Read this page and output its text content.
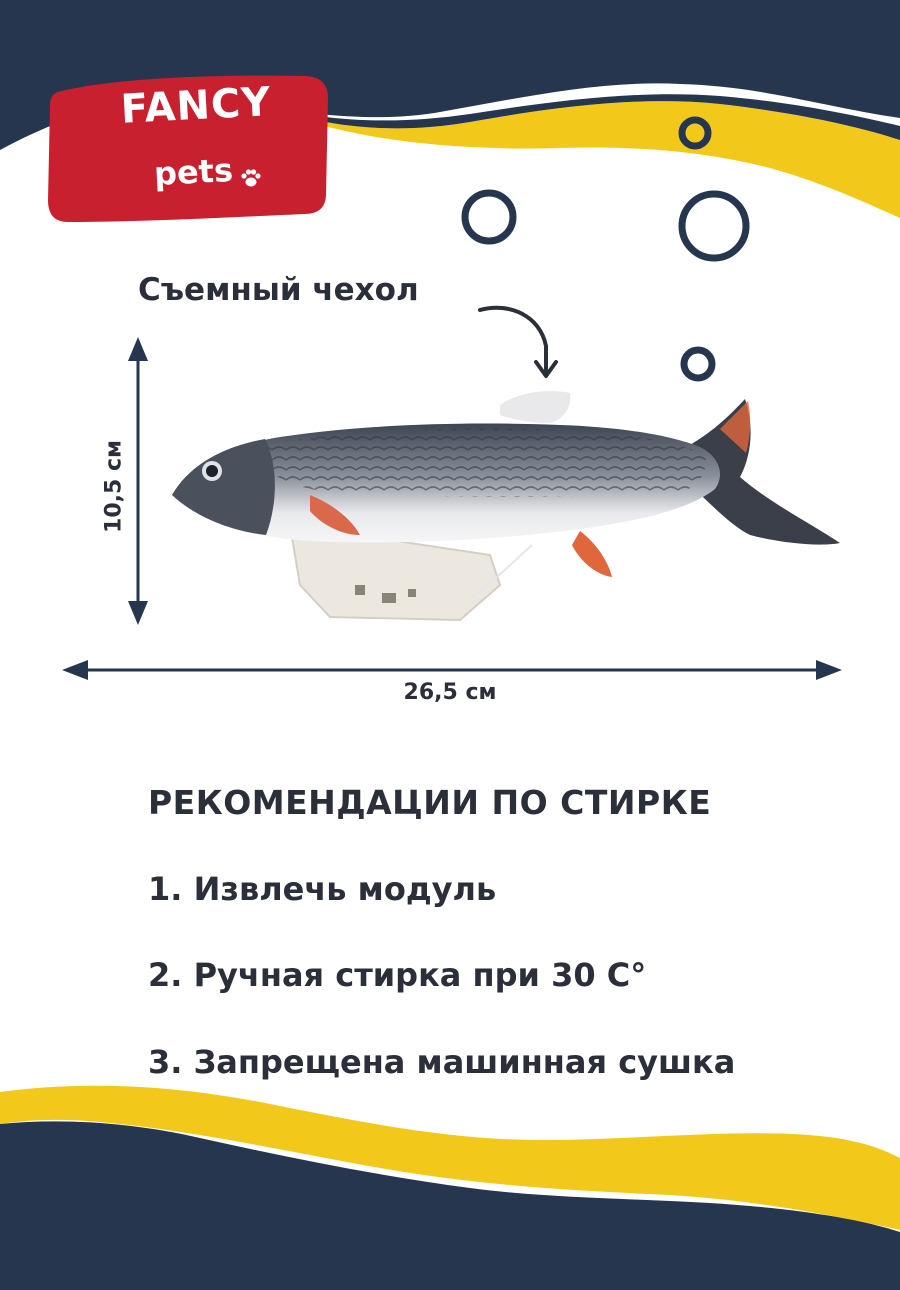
FANCY
pets
Съемный чехол
10,5 см
26,5 см
РЕКОМЕНДАЦИИ ПО СТИРКЕ
1. Извлечь модуль
2. Ручная стирка при 30 С°
3. Запрещена машинная сушка
